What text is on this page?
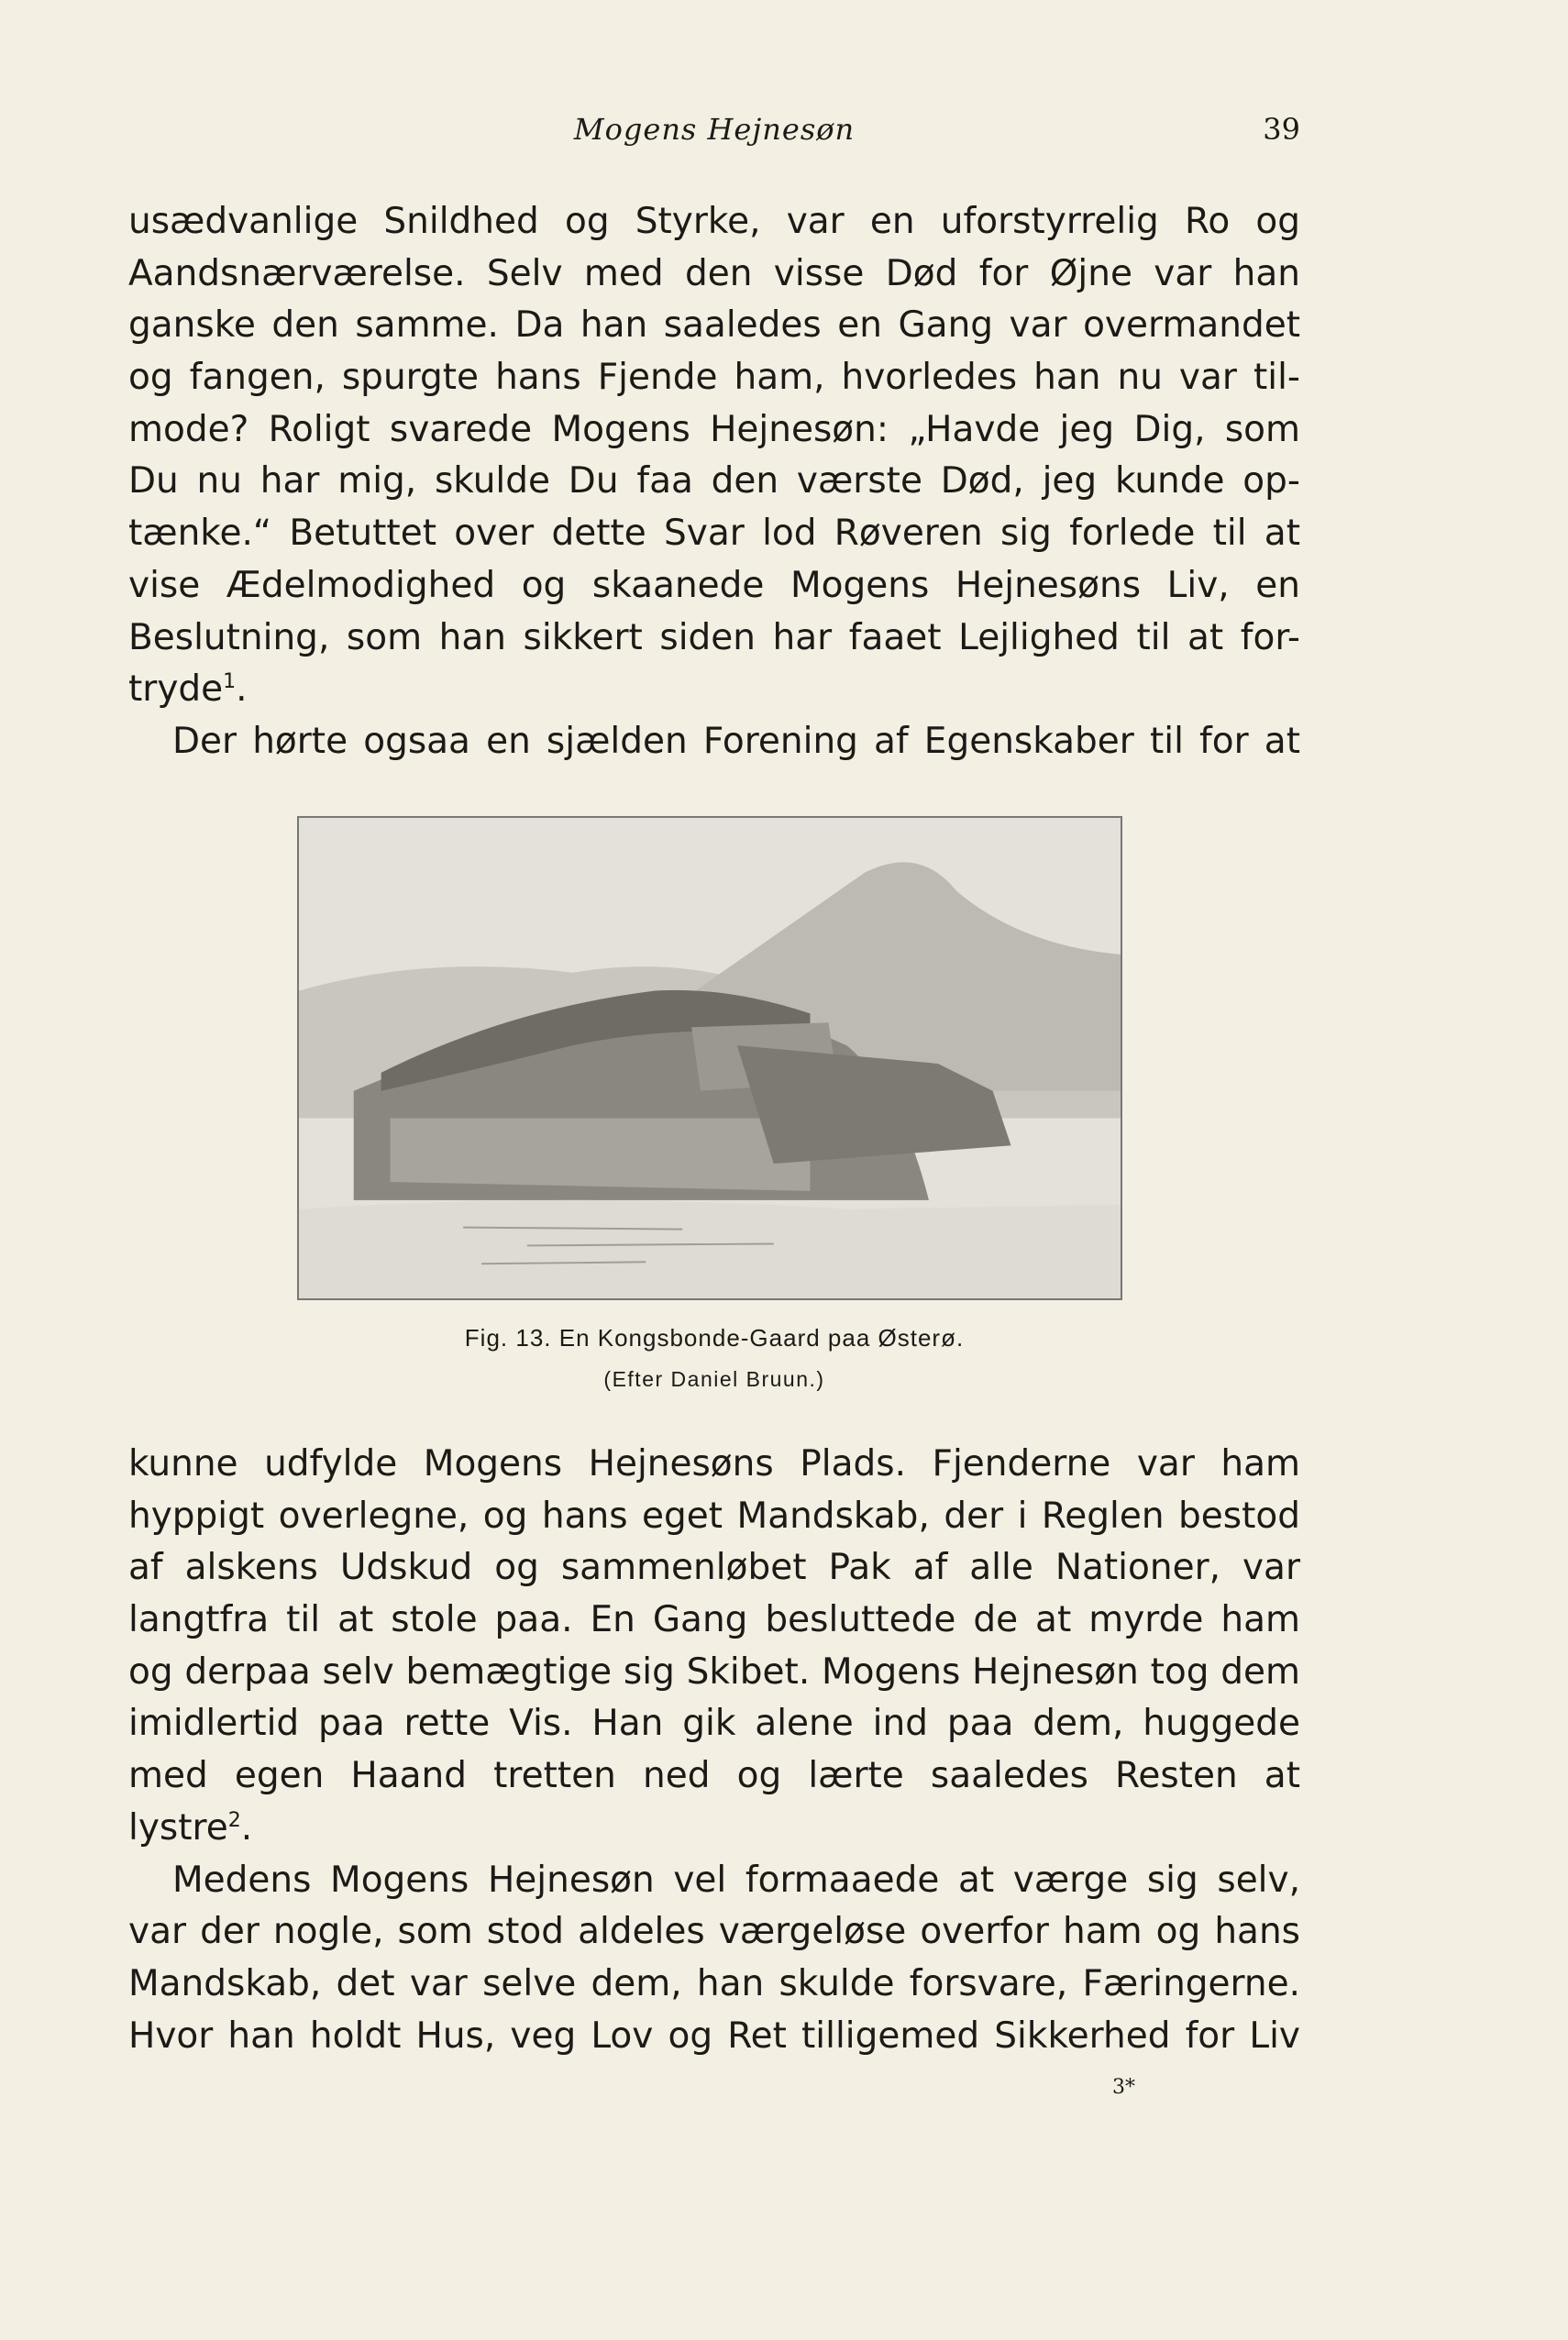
Mogens Hejnesøn	39
usædvanlige Snildhed og Styrke, var en uforstyrrelig Ro og
Aandsnærværelse. Selv med den visse Død for Øjne var han
ganske den samme. Da han saaledes en Gang var overmandet
og fangen, spurgte hans Fjende ham, hvorledes han nu var til-
mode? Roligt svarede Mogens Hejnesøn: „Havde jeg Dig, som
Du nu har mig, skulde Du faa den værste Død, jeg kunde op-
tænke.“ Betuttet over dette Svar lod Røveren sig forlede til at
vise Ædelmodighed og skaanede Mogens Hejnesøns Liv, en
Beslutning, som han sikkert siden har faaet Lejlighed til at for-
tryde$^1$.
Der hørte ogsaa en sjælden Forening af Egenskaber til for at
Fig. 13. En Kongsbonde-Gaard paa Østerø.
(Efter Daniel Bruun.)
kunne udfylde Mogens Hejnesøns Plads. Fjenderne var ham
hyppigt overlegne, og hans eget Mandskab, der i Reglen bestod
af alskens Udskud og sammenløbet Pak af alle Nationer, var
langtfra til at stole paa. En Gang besluttede de at myrde ham
og derpaa selv bemægtige sig Skibet. Mogens Hejnesøn tog dem
imidlertid paa rette Vis. Han gik alene ind paa dem, huggede
med egen Haand tretten ned og lærte saaledes Resten at
lystre$^2$.
Medens Mogens Hejnesøn vel formaaede at værge sig selv,
var der nogle, som stod aldeles værgeløse overfor ham og hans
Mandskab, det var selve dem, han skulde forsvare, Færingerne.
Hvor han holdt Hus, veg Lov og Ret tilligemed Sikkerhed for Liv
3*
